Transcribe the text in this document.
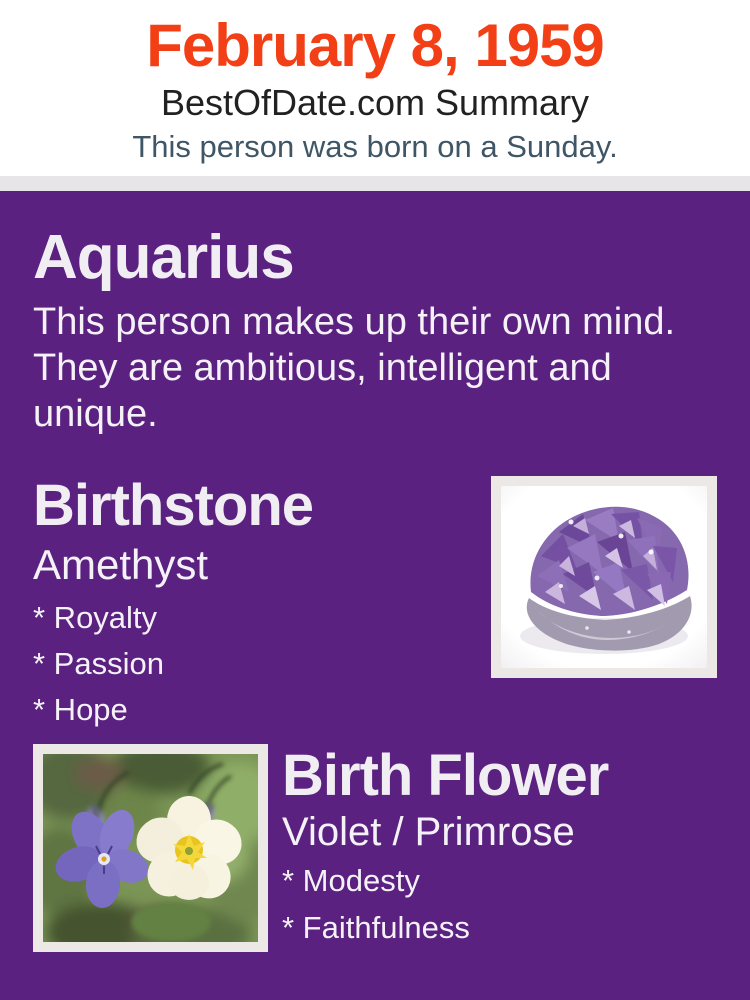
February 8, 1959
BestOfDate.com Summary
This person was born on a Sunday.
Aquarius

This person makes up their own mind. They are ambitious, intelligent and unique.

Birthstone
Amethyst
* Royalty
* Passion
* Hope
Birth Flower
Violet / Primrose
* Modesty
* Faithfulness
